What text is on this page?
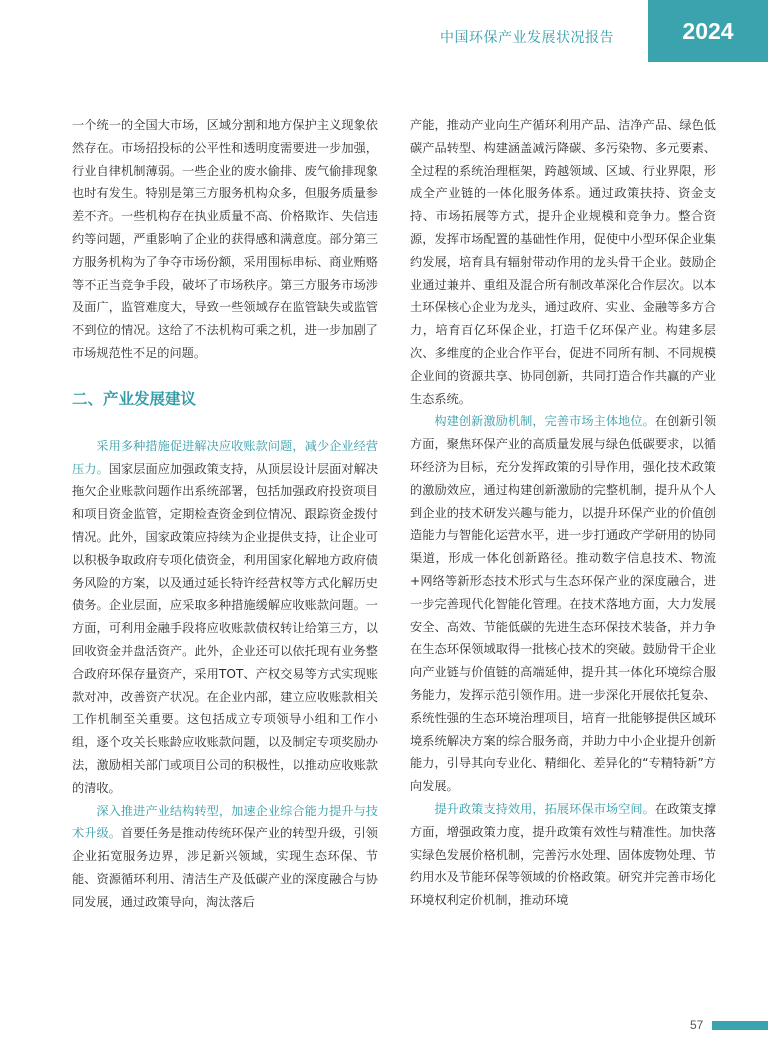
中国环保产业发展状况报告	2024

一个统一的全国大市场，区域分割和地方保护主义现象依然存在。市场招投标的公平性和透明度需要进一步加强，行业自律机制薄弱。一些企业的废水偷排、废气偷排现象也时有发生。特别是第三方服务机构众多，但服务质量参差不齐。一些机构存在执业质量不高、价格欺诈、失信违约等问题，严重影响了企业的获得感和满意度。部分第三方服务机构为了争夺市场份额，采用围标串标、商业贿赂等不正当竞争手段，破坏了市场秩序。第三方服务市场涉及面广，监管难度大，导致一些领域存在监管缺失或监管不到位的情况。这给了不法机构可乘之机，进一步加剧了市场规范性不足的问题。

二、产业发展建议

采用多种措施促进解决应收账款问题，减少企业经营压力。国家层面应加强政策支持，从顶层设计层面对解决拖欠企业账款问题作出系统部署，包括加强政府投资项目和项目资金监管，定期检查资金到位情况、跟踪资金拨付情况。此外，国家政策应持续为企业提供支持，让企业可以积极争取政府专项化债资金，利用国家化解地方政府债务风险的方案，以及通过延长特许经营权等方式化解历史债务。企业层面，应采取多种措施缓解应收账款问题。一方面，可利用金融手段将应收账款债权转让给第三方，以回收资金并盘活资产。此外，企业还可以依托现有业务整合政府环保存量资产，采用TOT、产权交易等方式实现账款对冲，改善资产状况。在企业内部，建立应收账款相关工作机制至关重要。这包括成立专项领导小组和工作小组，逐个攻关长账龄应收账款问题，以及制定专项奖励办法，激励相关部门或项目公司的积极性，以推动应收账款的清收。

深入推进产业结构转型，加速企业综合能力提升与技术升级。首要任务是推动传统环保产业的转型升级，引领企业拓宽服务边界，涉足新兴领域，实现生态环保、节能、资源循环利用、清洁生产及低碳产业的深度融合与协同发展，通过政策导向，淘汰落后

产能，推动产业向生产循环利用产品、洁净产品、绿色低碳产品转型、构建涵盖减污降碳、多污染物、多元要素、全过程的系统治理框架，跨越领域、区域、行业界限，形成全产业链的一体化服务体系。通过政策扶持、资金支持、市场拓展等方式，提升企业规模和竞争力。整合资源，发挥市场配置的基础性作用，促使中小型环保企业集约发展，培育具有辐射带动作用的龙头骨干企业。鼓励企业通过兼并、重组及混合所有制改革深化合作层次。以本土环保核心企业为龙头，通过政府、实业、金融等多方合力，培育百亿环保企业，打造千亿环保产业。构建多层次、多维度的企业合作平台，促进不同所有制、不同规模企业间的资源共享、协同创新，共同打造合作共赢的产业生态系统。

构建创新激励机制，完善市场主体地位。在创新引领方面，聚焦环保产业的高质量发展与绿色低碳要求，以循环经济为目标，充分发挥政策的引导作用，强化技术政策的激励效应，通过构建创新激励的完整机制，提升从个人到企业的技术研发兴趣与能力，以提升环保产业的价值创造能力与智能化运营水平，进一步打通政产学研用的协同渠道，形成一体化创新路径。推动数字信息技术、物流+网络等新形态技术形式与生态环保产业的深度融合，进一步完善现代化智能化管理。在技术落地方面，大力发展安全、高效、节能低碳的先进生态环保技术装备，并力争在生态环保领域取得一批核心技术的突破。鼓励骨干企业向产业链与价值链的高端延伸，提升其一体化环境综合服务能力，发挥示范引领作用。进一步深化开展依托复杂、系统性强的生态环境治理项目，培育一批能够提供区域环境系统解决方案的综合服务商，并助力中小企业提升创新能力，引导其向专业化、精细化、差异化的“专精特新”方向发展。

提升政策支持效用，拓展环保市场空间。在政策支撑方面，增强政策力度，提升政策有效性与精准性。加快落实绿色发展价格机制，完善污水处理、固体废物处理、节约用水及节能环保等领域的价格政策。研究并完善市场化环境权利定价机制，推动环境

57
